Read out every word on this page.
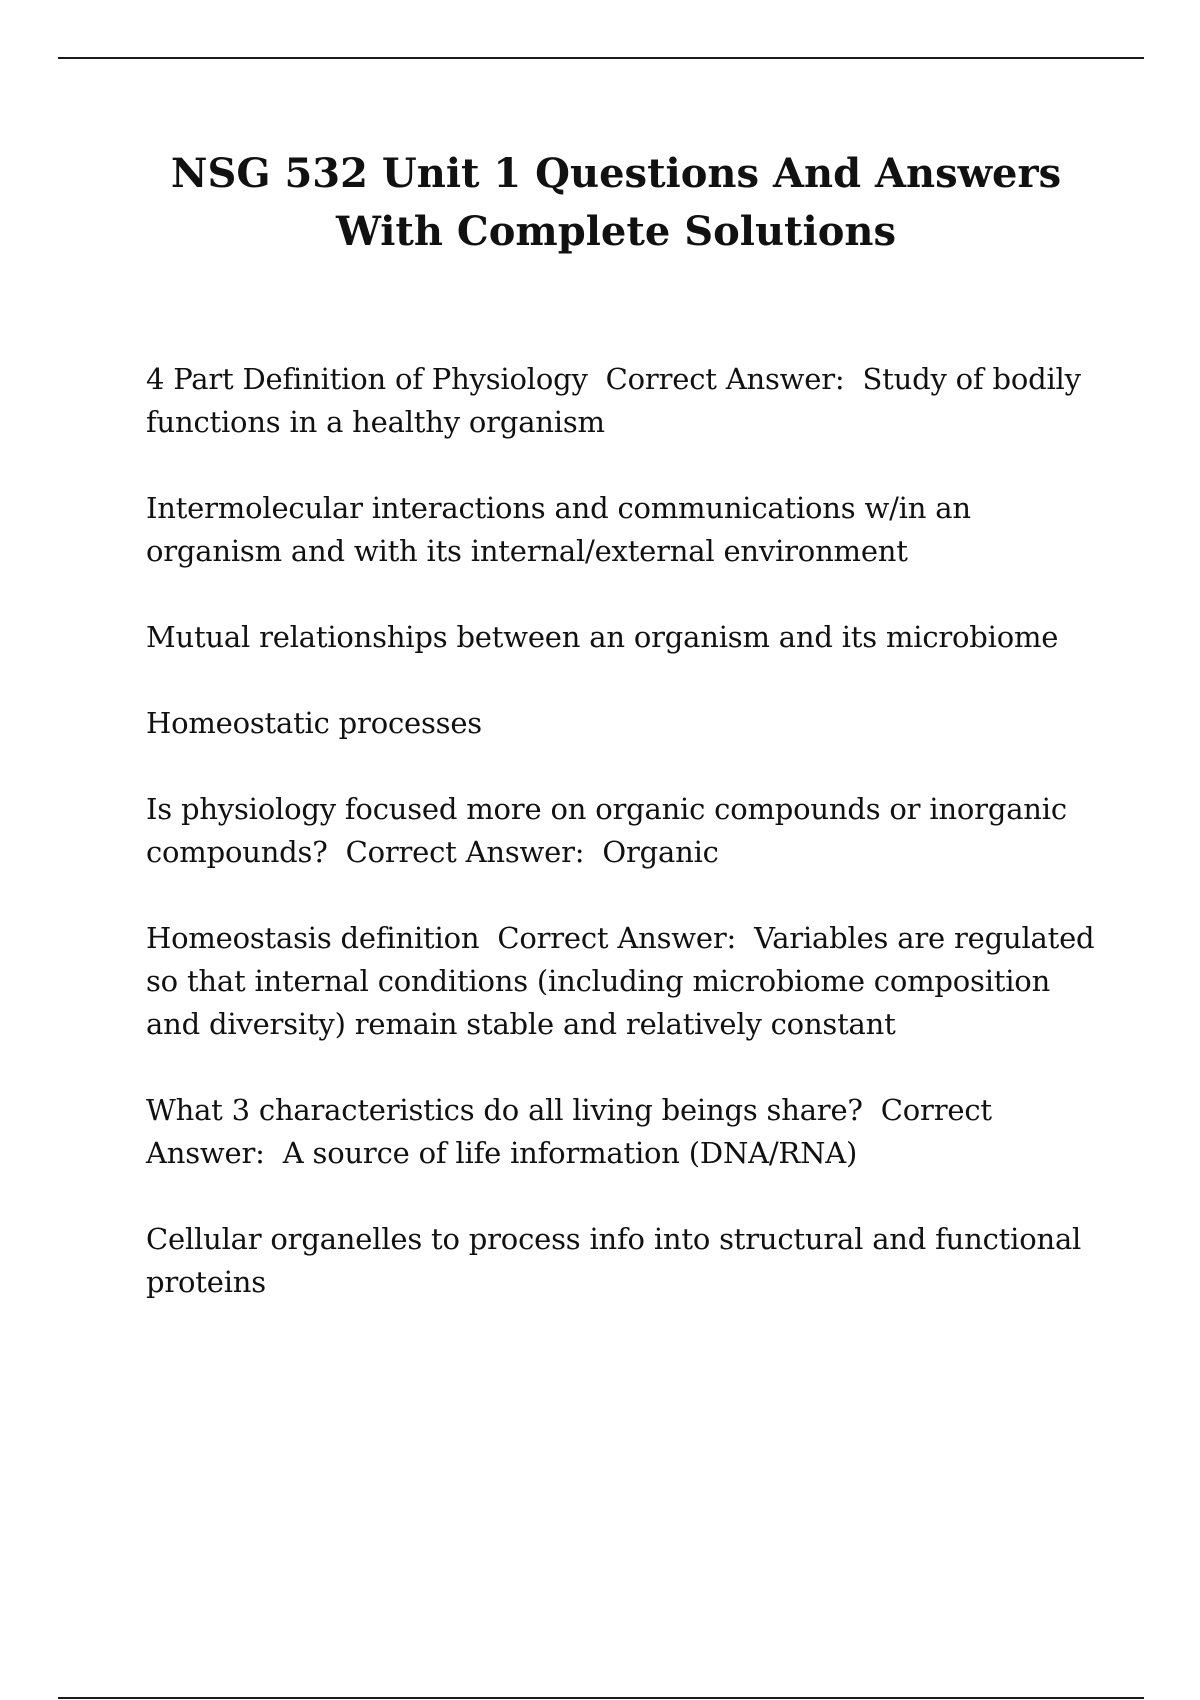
NSG 532 Unit 1 Questions And Answers
With Complete Solutions

4 Part Definition of Physiology  Correct Answer:  Study of bodily functions in a healthy organism

Intermolecular interactions and communications w/in an organism and with its internal/external environment

Mutual relationships between an organism and its microbiome

Homeostatic processes

Is physiology focused more on organic compounds or inorganic compounds?  Correct Answer:  Organic

Homeostasis definition  Correct Answer:  Variables are regulated so that internal conditions (including microbiome composition and diversity) remain stable and relatively constant

What 3 characteristics do all living beings share?  Correct Answer:  A source of life information (DNA/RNA)

Cellular organelles to process info into structural and functional proteins
